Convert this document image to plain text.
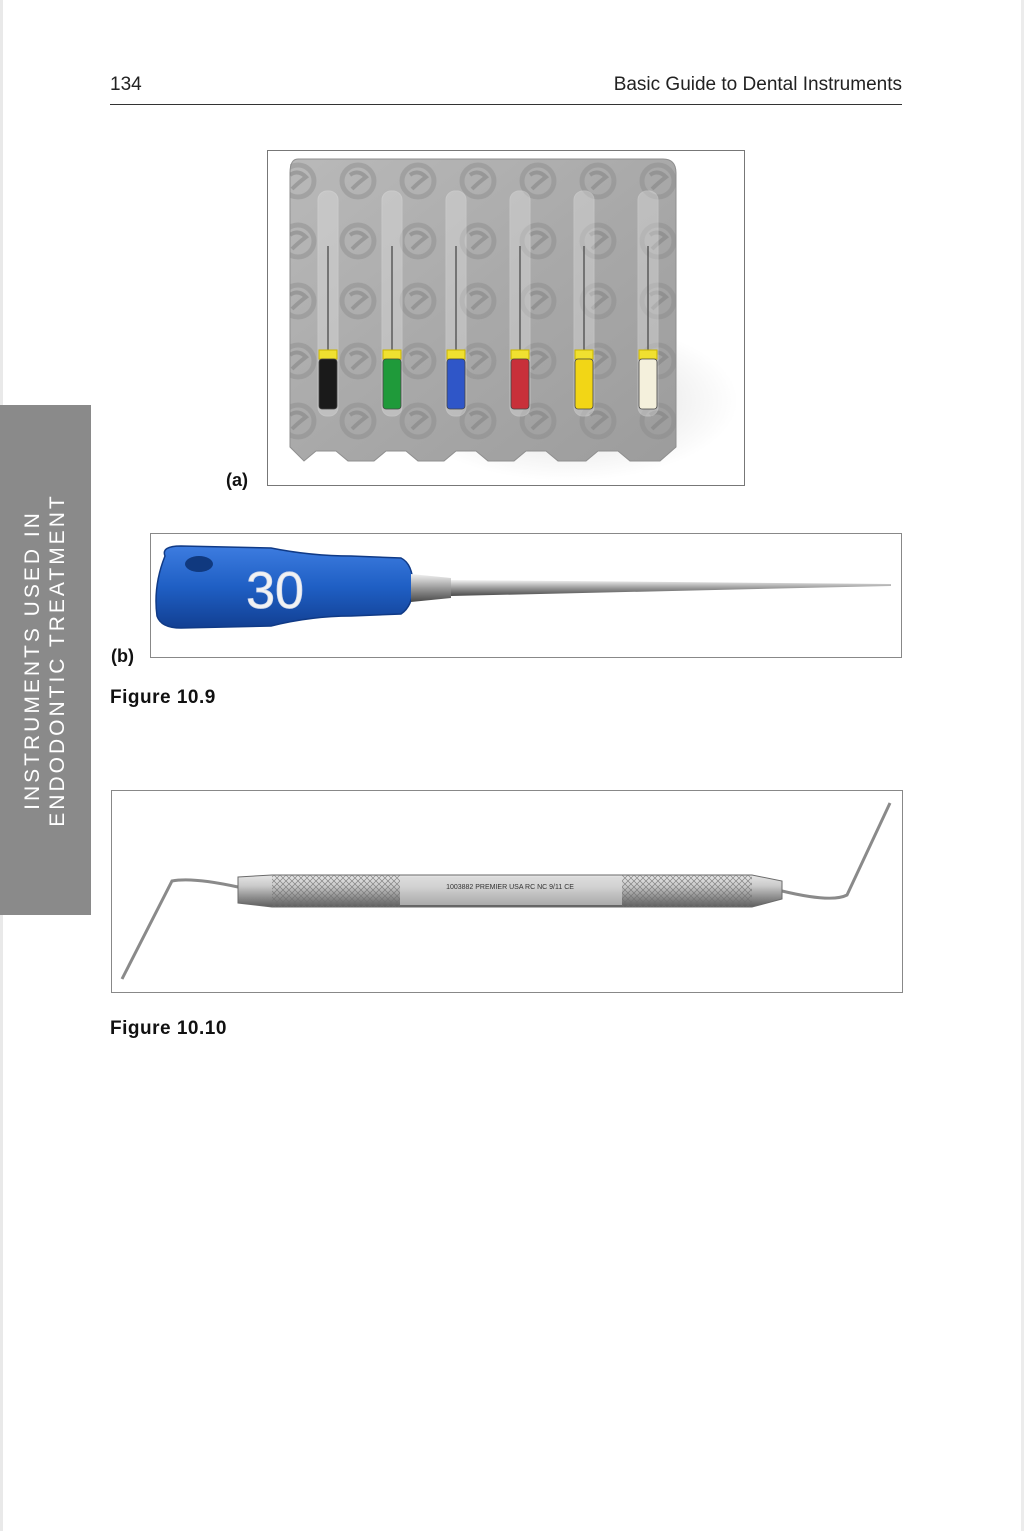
134	Basic Guide to Dental Instruments
INSTRUMENTS USED IN ENDODONTIC TREATMENT
(a)
30
(b)
Figure 10.9
1003882 PREMIER USA RC NC 9/11 CE
Figure 10.10
